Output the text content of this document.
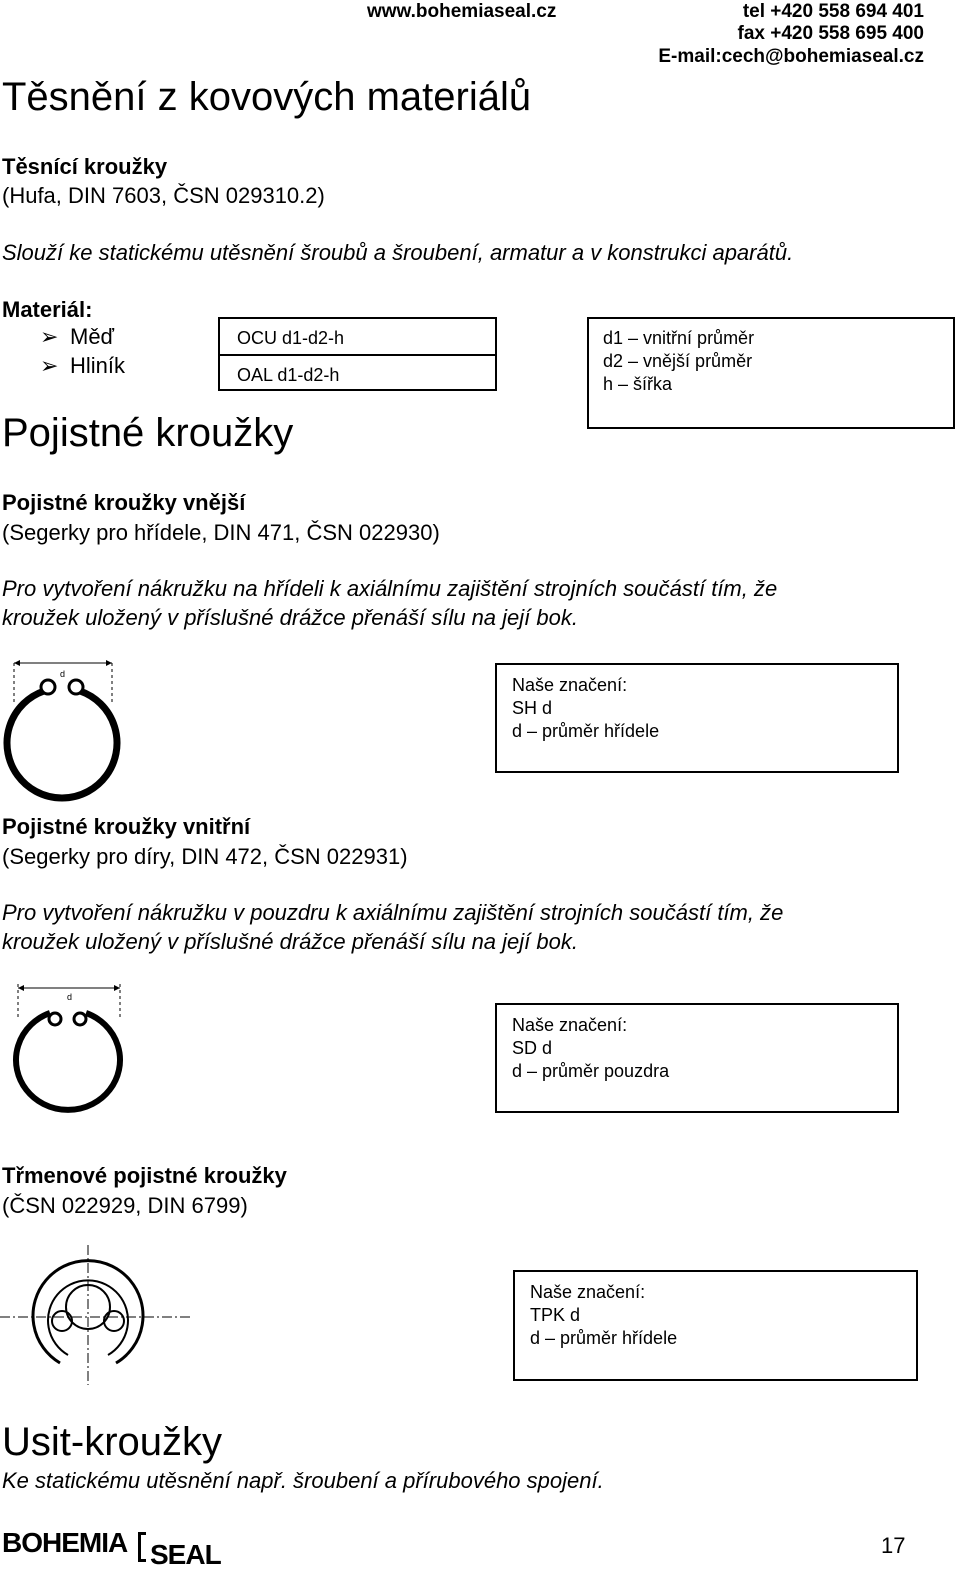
www.bohemiaseal.cz	tel +420 558 694 401
fax +420 558 695 400
E-mail:cech@bohemiaseal.cz
Těsnění z kovových materiálů
Těsnící kroužky
(Hufa, DIN 7603, ČSN 029310.2)
Slouží ke statickému utěsnění šroubů a šroubení, armatur a v konstrukci aparátů.
Materiál:
➢ Měď
➢ Hliník
OCU d1-d2-h
OAL d1-d2-h
d1 – vnitřní průměr
d2 – vnější průměr
h – šířka
Pojistné kroužky
Pojistné kroužky vnější
(Segerky pro hřídele, DIN 471, ČSN 022930)
Pro vytvoření nákružku na hřídeli k axiálnímu zajištění strojních součástí tím, že
kroužek uložený v příslušné drážce přenáší sílu na její bok.
d
Naše značení:
SH d
d – průměr hřídele
Pojistné kroužky vnitřní
(Segerky pro díry, DIN 472, ČSN 022931)
Pro vytvoření nákružku v pouzdru k axiálnímu zajištění strojních součástí tím, že
kroužek uložený v příslušné drážce přenáší sílu na její bok.
d
Naše značení:
SD d
d – průměr pouzdra
Třmenové pojistné kroužky
(ČSN 022929, DIN 6799)
Naše značení:
TPK d
d – průměr hřídele
Usit-kroužky
Ke statickému utěsnění např. šroubení a přírubového spojení.
BOHEMIA SEAL	17
